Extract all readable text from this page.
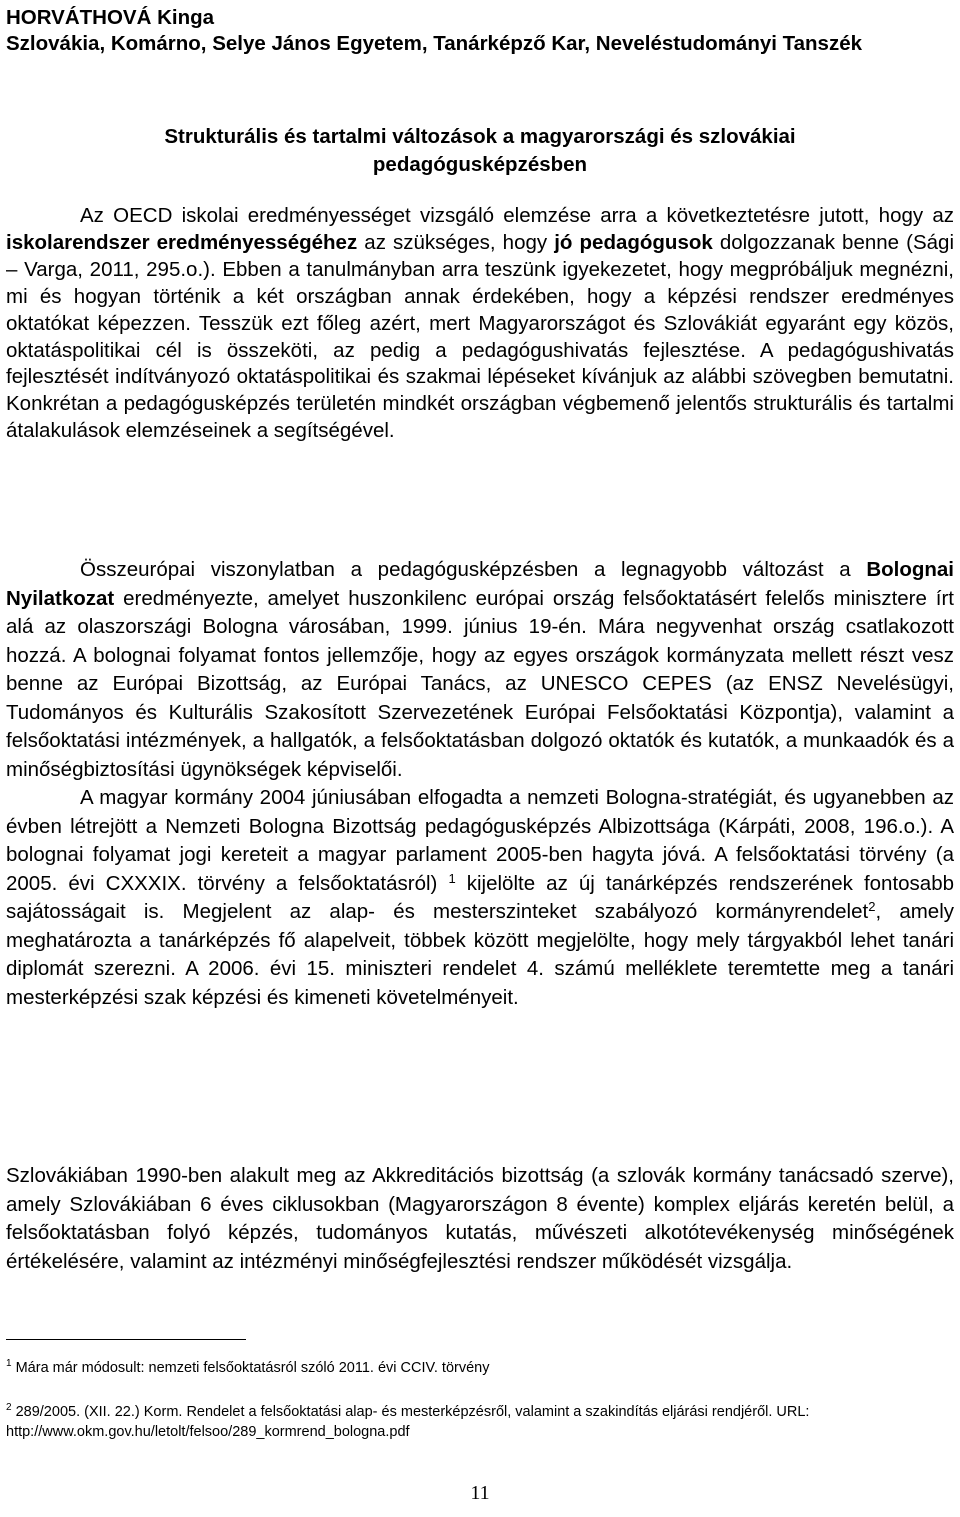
HORVÁTHOVÁ Kinga
Szlovákia, Komárno, Selye János Egyetem, Tanárképző Kar, Neveléstudományi Tanszék
Strukturális és tartalmi változások a magyarországi és szlovákiai
pedagógusképzésben
Az OECD iskolai eredményességet vizsgáló elemzése arra a következtetésre jutott, hogy az iskolarendszer eredményességéhez az szükséges, hogy jó pedagógusok dolgozzanak benne (Sági – Varga, 2011, 295.o.). Ebben a tanulmányban arra teszünk igyekezetet, hogy megpróbáljuk megnézni, mi és hogyan történik a két országban annak érdekében, hogy a képzési rendszer eredményes oktatókat képezzen. Tesszük ezt főleg azért, mert Magyarországot és Szlovákiát egyaránt egy közös, oktatáspolitikai cél is összeköti, az pedig a pedagógushivatás fejlesztése. A pedagógushivatás fejlesztését indítványozó oktatáspolitikai és szakmai lépéseket kívánjuk az alábbi szövegben bemutatni. Konkrétan a pedagógusképzés területén mindkét országban végbemenő jelentős strukturális és tartalmi átalakulások elemzéseinek a segítségével.
Összeurópai viszonylatban a pedagógusképzésben a legnagyobb változást a Bolognai Nyilatkozat eredményezte, amelyet huszonkilenc európai ország felsőoktatásért felelős minisztere írt alá az olaszországi Bologna városában, 1999. június 19-én. Mára negyvenhat ország csatlakozott hozzá. A bolognai folyamat fontos jellemzője, hogy az egyes országok kormányzata mellett részt vesz benne az Európai Bizottság, az Európai Tanács, az UNESCO CEPES (az ENSZ Nevelésügyi, Tudományos és Kulturális Szakosított Szervezetének Európai Felsőoktatási Központja), valamint a felsőoktatási intézmények, a hallgatók, a felsőoktatásban dolgozó oktatók és kutatók, a munkaadók és a minőségbiztosítási ügynökségek képviselői.
A magyar kormány 2004 júniusában elfogadta a nemzeti Bologna-stratégiát, és ugyanebben az évben létrejött a Nemzeti Bologna Bizottság pedagógusképzés Albizottsága (Kárpáti, 2008, 196.o.). A bolognai folyamat jogi kereteit a magyar parlament 2005-ben hagyta jóvá. A felsőoktatási törvény (a 2005. évi CXXXIX. törvény a felsőoktatásról) $^1$ kijelölte az új tanárképzés rendszerének fontosabb sajátosságait is. Megjelent az alap- és mesterszinteket szabályozó kormányrendelet$^2$, amely meghatározta a tanárképzés fő alapelveit, többek között megjelölte, hogy mely tárgyakból lehet tanári diplomát szerezni. A 2006. évi 15. miniszteri rendelet 4. számú melléklete teremtette meg a tanári mesterképzési szak képzési és kimeneti követelményeit.
Szlovákiában 1990-ben alakult meg az Akkreditációs bizottság (a szlovák kormány tanácsadó szerve), amely Szlovákiában 6 éves ciklusokban (Magyarországon 8 évente) komplex eljárás keretén belül, a felsőoktatásban folyó képzés, tudományos kutatás, művészeti alkotótevékenység minőségének értékelésére, valamint az intézményi minőségfejlesztési rendszer működését vizsgálja.
$^1$ Mára már módosult: nemzeti felsőoktatásról szóló 2011. évi CCIV. törvény
$^2$ 289/2005. (XII. 22.) Korm. Rendelet a felsőoktatási alap- és mesterképzésről, valamint a szakindítás eljárási rendjéről. URL: http://www.okm.gov.hu/letolt/felsoo/289_kormrend_bologna.pdf
11
